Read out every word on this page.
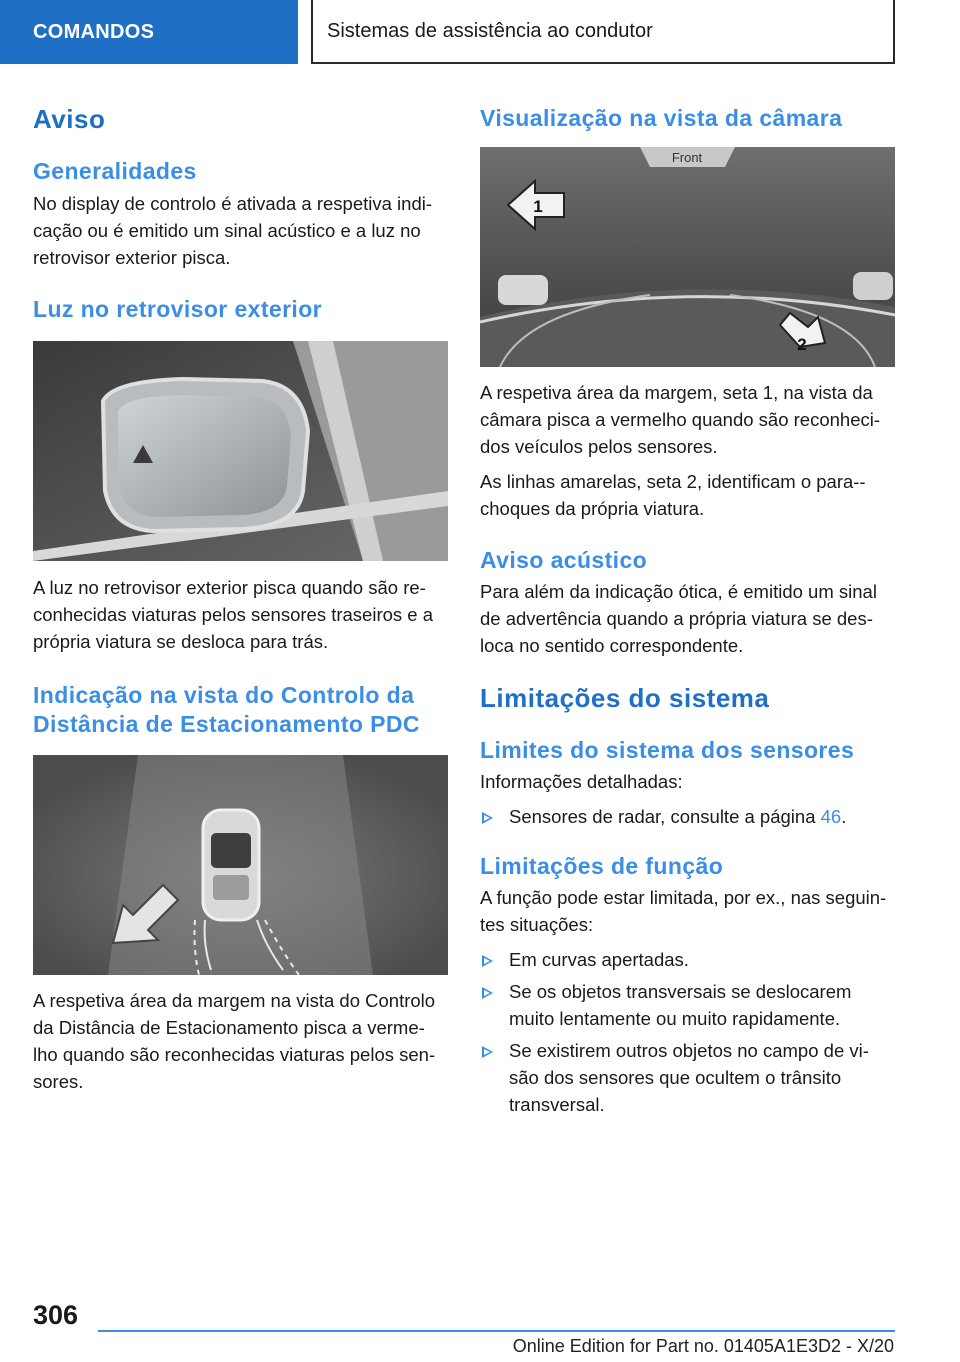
COMANDOS	Sistemas de assistência ao condutor
Aviso
Generalidades

No display de controlo é ativada a respetiva indi-cação ou é emitido um sinal acústico e a luz no retrovisor exterior pisca.

Luz no retrovisor exterior

A luz no retrovisor exterior pisca quando são re-conhecidas viaturas pelos sensores traseiros e a própria viatura se desloca para trás.

Indicação na vista do Controlo da Distância de Estacionamento PDC

A respetiva área da margem na vista do Controlo da Distância de Estacionamento pisca a verme-lho quando são reconhecidas viaturas pelos sen-sores.

Visualização na vista da câmara
Front
1
2

A respetiva área da margem, seta 1, na vista da câmara pisca a vermelho quando são reconheci-dos veículos pelos sensores.

As linhas amarelas, seta 2, identificam o para--choques da própria viatura.

Aviso acústico

Para além da indicação ótica, é emitido um sinal de advertência quando a própria viatura se des-loca no sentido correspondente.

Limitações do sistema
Limites do sistema dos sensores

Informações detalhadas:

Sensores de radar, consulte a página 46.
Limitações de função

A função pode estar limitada, por ex., nas seguin-tes situações:

Em curvas apertadas.
Se os objetos transversais se deslocarem muito lentamente ou muito rapidamente.
Se existirem outros objetos no campo de vi-são dos sensores que ocultem o trânsito transversal.
306
Online Edition for Part no. 01405A1E3D2 - X/20
